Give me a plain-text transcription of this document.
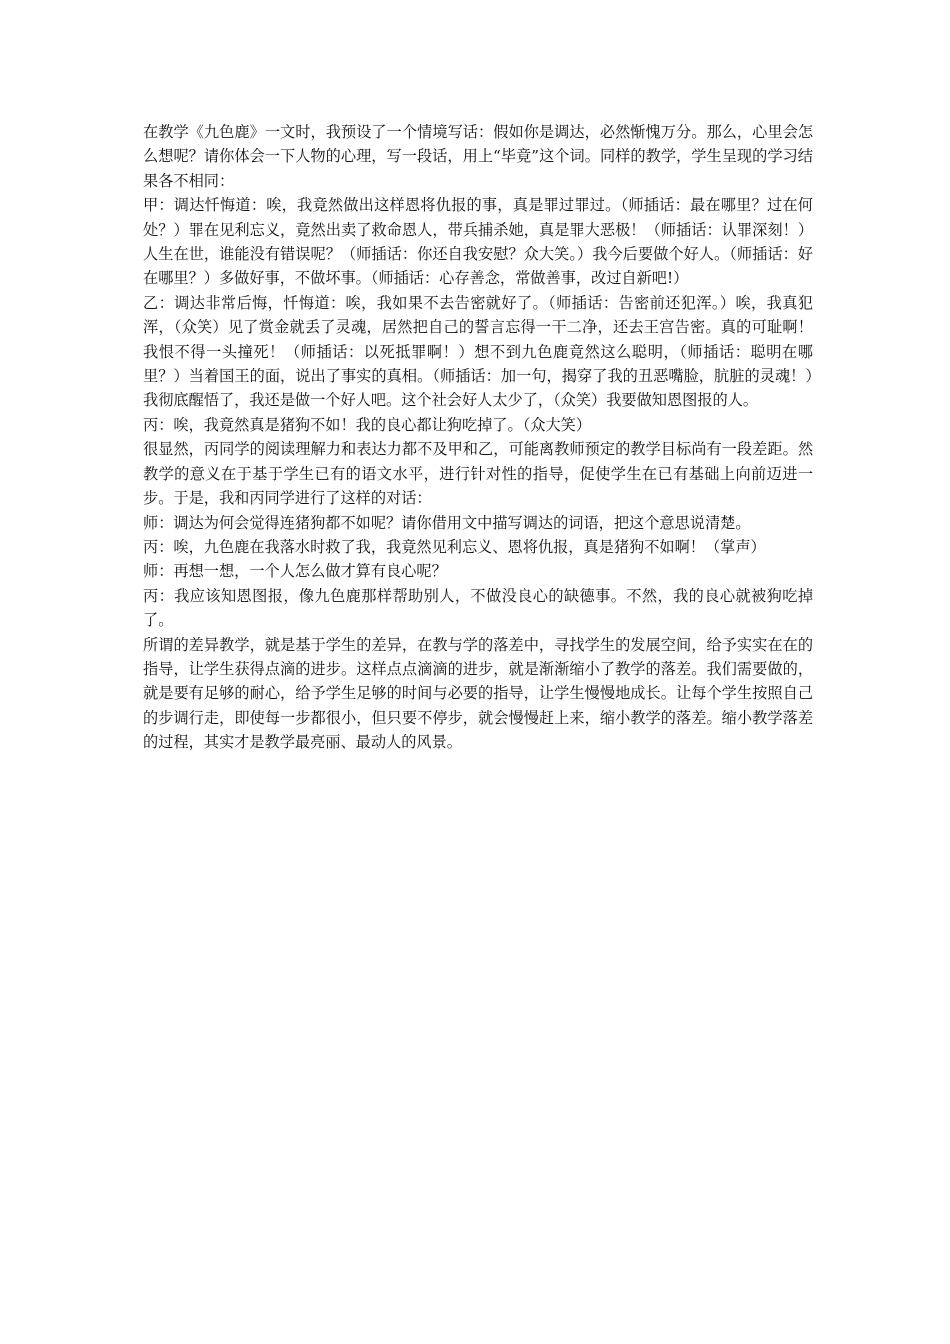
在教学《九色鹿》一文时，我预设了一个情境写话：假如你是调达，必然惭愧万分。那么，心里会怎么想呢？请你体会一下人物的心理，写一段话，用上“毕竟”这个词。同样的教学，学生呈现的学习结果各不相同：

甲：调达忏悔道：唉，我竟然做出这样恩将仇报的事，真是罪过罪过。（师插话：最在哪里？过在何处？）罪在见利忘义，竟然出卖了救命恩人，带兵捕杀她，真是罪大恶极！（师插话：认罪深刻！）人生在世，谁能没有错误呢？（师插话：你还自我安慰？众大笑。）我今后要做个好人。（师插话：好在哪里？）多做好事，不做坏事。（师插话：心存善念，常做善事，改过自新吧!）

乙：调达非常后悔，忏悔道：唉，我如果不去告密就好了。（师插话：告密前还犯浑。）唉，我真犯浑，（众笑）见了赏金就丢了灵魂，居然把自己的誓言忘得一干二净，还去王宫告密。真的可耻啊！我恨不得一头撞死！（师插话：以死抵罪啊！）想不到九色鹿竟然这么聪明，（师插话：聪明在哪里？）当着国王的面，说出了事实的真相。（师插话：加一句，揭穿了我的丑恶嘴脸，肮脏的灵魂！）我彻底醒悟了，我还是做一个好人吧。这个社会好人太少了，（众笑）我要做知恩图报的人。

丙：唉，我竟然真是猪狗不如！我的良心都让狗吃掉了。（众大笑）

很显然，丙同学的阅读理解力和表达力都不及甲和乙，可能离教师预定的教学目标尚有一段差距。然教学的意义在于基于学生已有的语文水平，进行针对性的指导，促使学生在已有基础上向前迈进一步。于是，我和丙同学进行了这样的对话：

师：调达为何会觉得连猪狗都不如呢？请你借用文中描写调达的词语，把这个意思说清楚。

丙：唉，九色鹿在我落水时救了我，我竟然见利忘义、恩将仇报，真是猪狗不如啊！（掌声）

师：再想一想，一个人怎么做才算有良心呢？

丙：我应该知恩图报，像九色鹿那样帮助别人，不做没良心的缺德事。不然，我的良心就被狗吃掉了。

所谓的差异教学，就是基于学生的差异，在教与学的落差中，寻找学生的发展空间，给予实实在在的指导，让学生获得点滴的进步。这样点点滴滴的进步，就是渐渐缩小了教学的落差。我们需要做的，就是要有足够的耐心，给予学生足够的时间与必要的指导，让学生慢慢地成长。让每个学生按照自己的步调行走，即使每一步都很小，但只要不停步，就会慢慢赶上来，缩小教学的落差。缩小教学落差的过程，其实才是教学最亮丽、最动人的风景。
